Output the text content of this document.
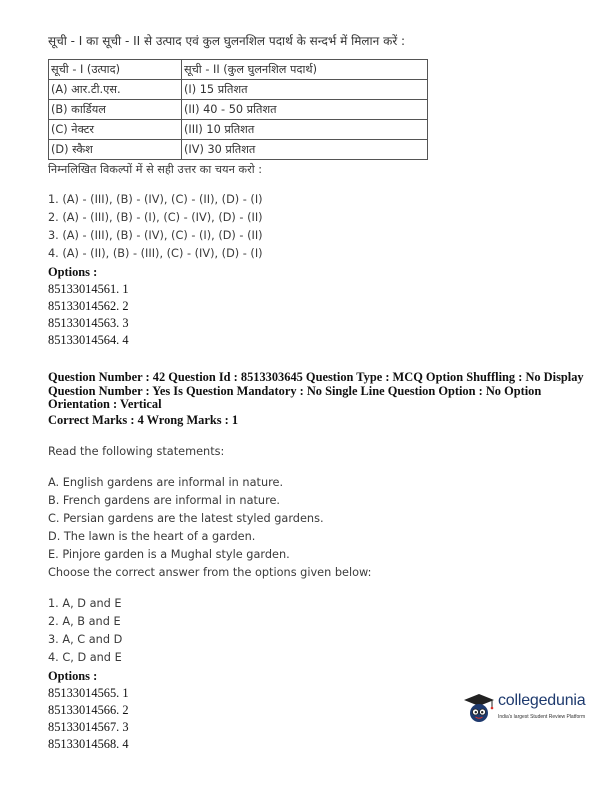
सूची - I का सूची - II से उत्पाद एवं कुल घुलनशिल पदार्थ के सन्दर्भ में मिलान करें :
सूची - I (उत्पाद)	सूची - II (कुल घुलनशिल पदार्थ)
(A) आर.टी.एस.	(I) 15 प्रतिशत
(B) कार्डियल	(II) 40 - 50 प्रतिशत
(C) नेक्टर	(III) 10 प्रतिशत
(D) स्कैश	(IV) 30 प्रतिशत
निम्नलिखित विकल्पों में से सही उत्तर का चयन करो :
1. (A) - (III), (B) - (IV), (C) - (II), (D) - (I)
2. (A) - (III), (B) - (I), (C) - (IV), (D) - (II)
3. (A) - (III), (B) - (IV), (C) - (I), (D) - (II)
4. (A) - (II), (B) - (III), (C) - (IV), (D) - (I)
Options :
85133014561. 1
85133014562. 2
85133014563. 3
85133014564. 4
Question Number : 42 Question Id : 8513303645 Question Type : MCQ Option Shuffling : No Display
Question Number : Yes Is Question Mandatory : No Single Line Question Option : No Option
Orientation : Vertical
Correct Marks : 4 Wrong Marks : 1
Read the following statements:
A. English gardens are informal in nature.
B. French gardens are informal in nature.
C. Persian gardens are the latest styled gardens.
D. The lawn is the heart of a garden.
E. Pinjore garden is a Mughal style garden.
Choose the correct answer from the options given below:
1. A, D and E
2. A, B and E
3. A, C and D
4. C, D and E
Options :
85133014565. 1
85133014566. 2
85133014567. 3
85133014568. 4
collegedunia
India's largest Student Review Platform
